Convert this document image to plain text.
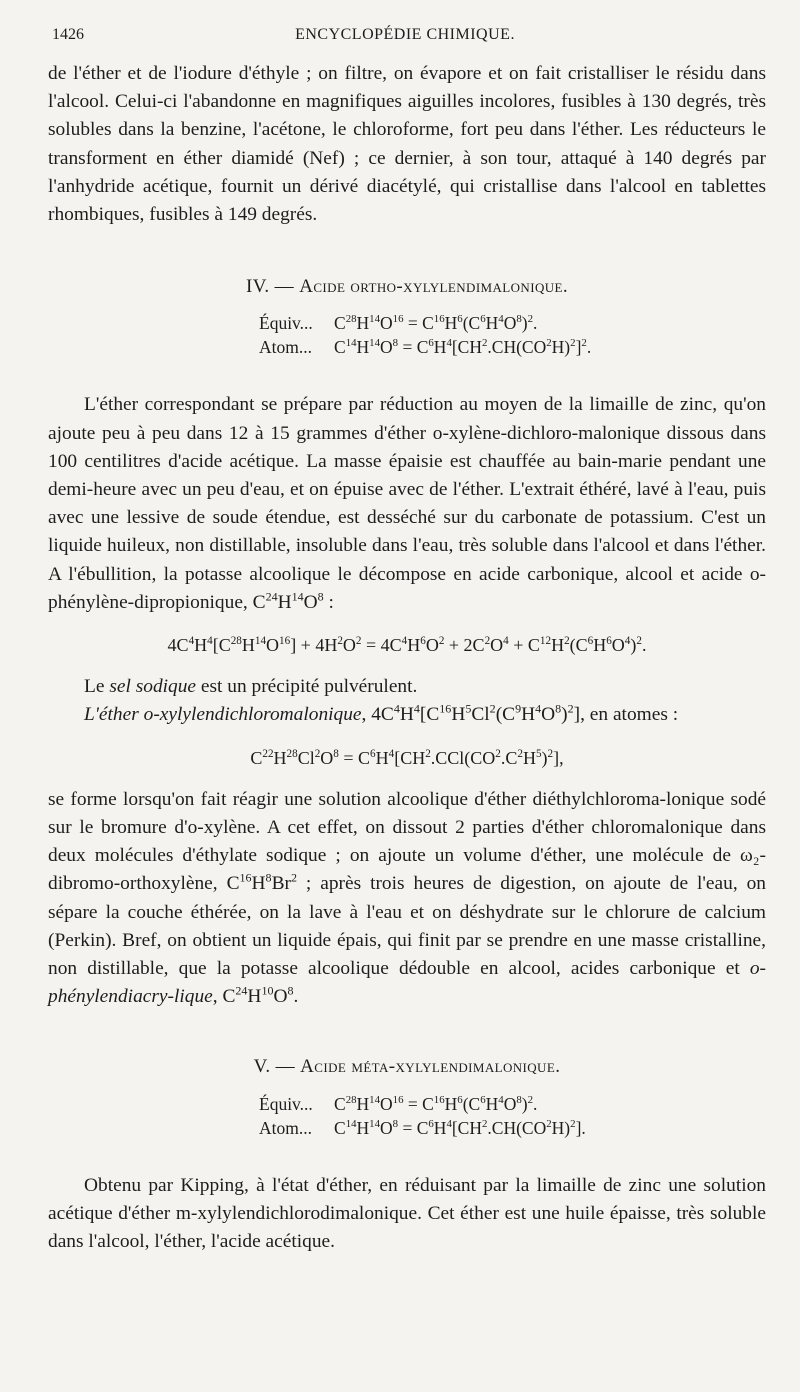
1426	ENCYCLOPÉDIE CHIMIQUE.

de l'éther et de l'iodure d'éthyle ; on filtre, on évapore et on fait cristalliser le résidu dans l'alcool. Celui-ci l'abandonne en magnifiques aiguilles incolores, fusibles à 130 degrés, très solubles dans la benzine, l'acétone, le chloroforme, fort peu dans l'éther. Les réducteurs le transforment en éther diamidé (Nef) ; ce dernier, à son tour, attaqué à 140 degrés par l'anhydride acétique, fournit un dérivé diacétylé, qui cristallise dans l'alcool en tablettes rhombiques, fusibles à 149 degrés.

IV. — Acide ortho-xylylendimalonique.
Équiv...	$C^{28}H^{14}O^{16} = C^{16}H^6(C^6H^4O^8)^2$.
Atom...	$C^{14}H^{14}O^8 = C^6H^4[CH^2.CH(CO^2H)^2]^2$.

L'éther correspondant se prépare par réduction au moyen de la limaille de zinc, qu'on ajoute peu à peu dans 12 à 15 grammes d'éther o-xylène-dichloro-malonique dissous dans 100 centilitres d'acide acétique. La masse épaisie est chauffée au bain-marie pendant une demi-heure avec un peu d'eau, et on épuise avec de l'éther. L'extrait éthéré, lavé à l'eau, puis avec une lessive de soude étendue, est desséché sur du carbonate de potassium. C'est un liquide huileux, non distillable, insoluble dans l'eau, très soluble dans l'alcool et dans l'éther. A l'ébullition, la potasse alcoolique le décompose en acide carbonique, alcool et acide o-phénylène-dipropionique, $C^{24}H^{14}O^8$ :

$4C^4H^4[C^{28}H^{14}O^{16}] + 4H^2O^2 = 4C^4H^6O^2 + 2C^2O^4 + C^{12}H^2(C^6H^6O^4)^2$.

Le sel sodique est un précipité pulvérulent.

L'éther o-xylylendichloromalonique, $4C^4H^4[C^{16}H^5Cl^2(C^9H^4O^8)^2]$, en atomes :

$C^{22}H^{28}Cl^2O^8 = C^6H^4[CH^2.CCl(CO^2.C^2H^5)^2]$,

se forme lorsqu'on fait réagir une solution alcoolique d'éther diéthylchloroma-lonique sodé sur le bromure d'o-xylène. A cet effet, on dissout 2 parties d'éther chloromalonique dans deux molécules d'éthylate sodique ; on ajoute un volume d'éther, une molécule de ω₂-dibromo-orthoxylène, $C^{16}H^8Br^2$ ; après trois heures de digestion, on ajoute de l'eau, on sépare la couche éthérée, on la lave à l'eau et on déshydrate sur le chlorure de calcium (Perkin). Bref, on obtient un liquide épais, qui finit par se prendre en une masse cristalline, non distillable, que la potasse alcoolique dédouble en alcool, acides carbonique et o-phénylendiacry-lique, $C^{24}H^{10}O^8$.

V. — Acide méta-xylylendimalonique.
Équiv...	$C^{28}H^{14}O^{16} = C^{16}H^6(C^6H^4O^8)^2$.
Atom...	$C^{14}H^{14}O^8 = C^6H^4[CH^2.CH(CO^2H)^2]$.

Obtenu par Kipping, à l'état d'éther, en réduisant par la limaille de zinc une solution acétique d'éther m-xylylendichlorodimalonique. Cet éther est une huile épaisse, très soluble dans l'alcool, l'éther, l'acide acétique.
